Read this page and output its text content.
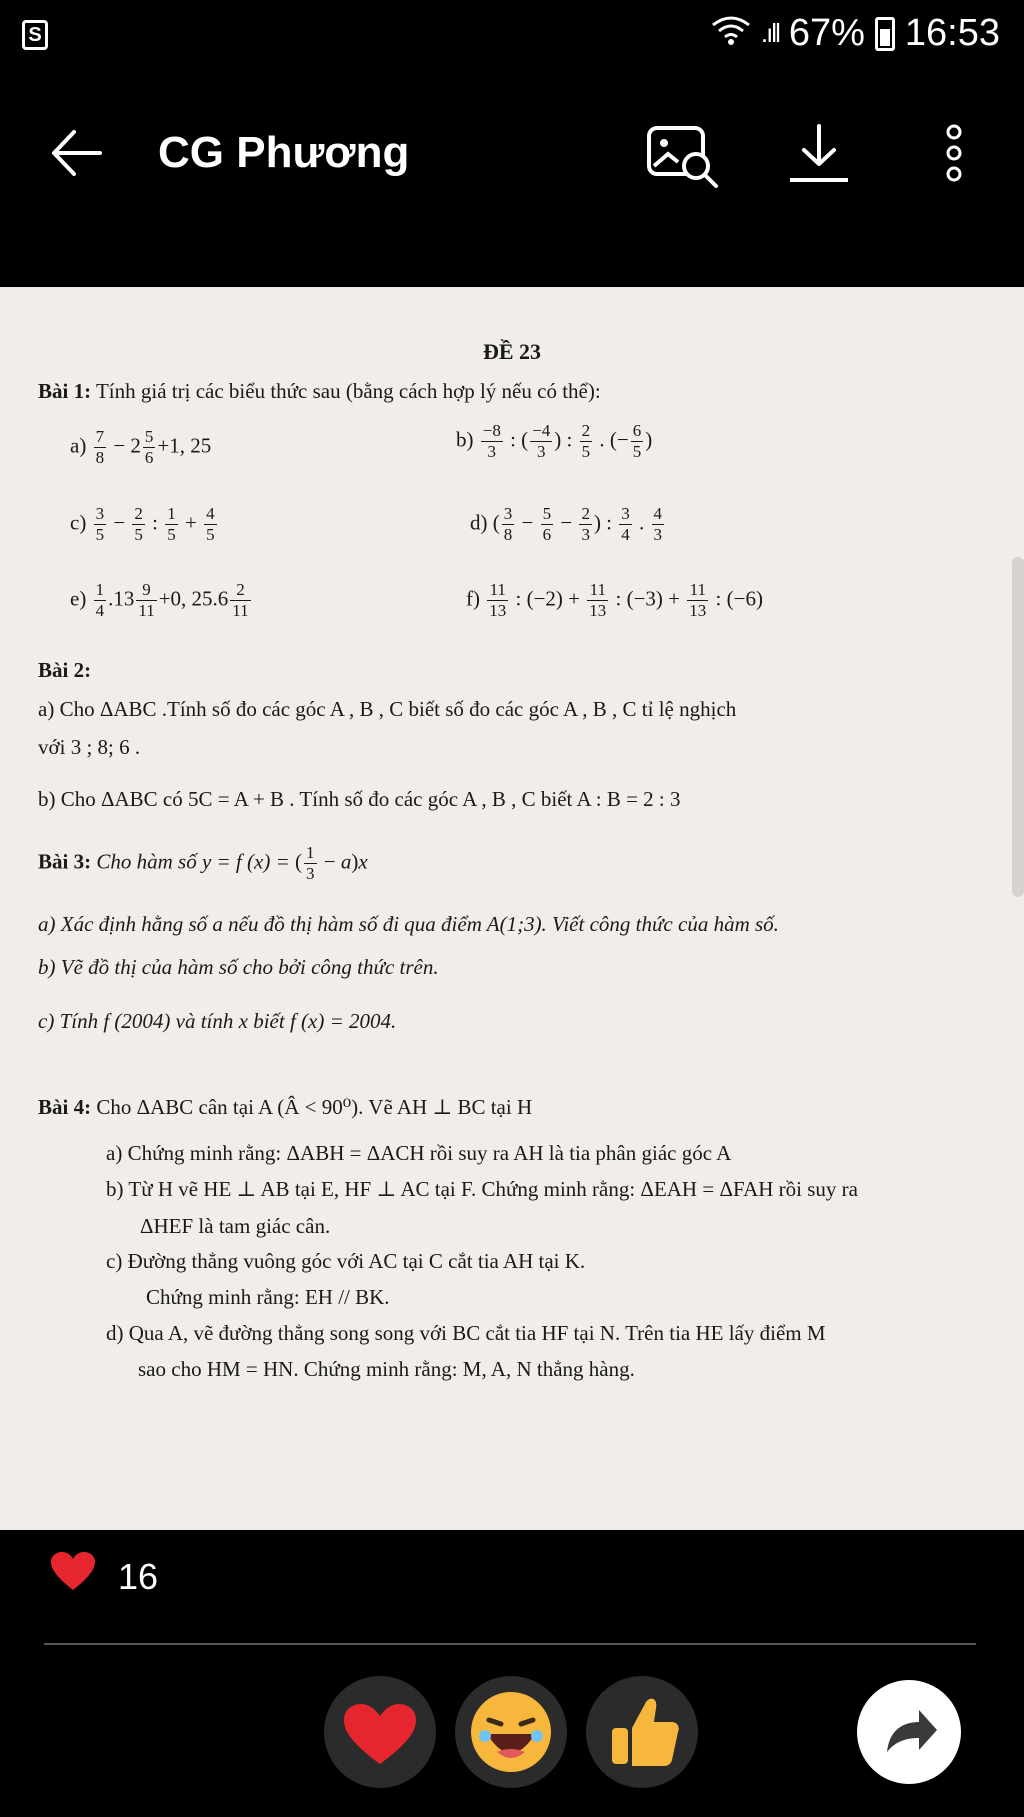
S	.ıll 67% 16:53
CG Phương
ĐỀ 23
Bài 1: Tính giá trị các biểu thức sau (bằng cách hợp lý nếu có thể):
$a) \frac{7}{8} - 2 \frac{5}{6} +1$, 25	$b) \frac{-8}{3}$ : ( $\frac{-4}{3}$ ) : $\frac{2}{5}$ . (− $\frac{6}{5}$ )
$c) \frac{3}{5} - \frac{2}{5}$ : $\frac{1}{5} + \frac{4}{5}$	d) ( $\frac{3}{8} - \frac{5}{6} - \frac{2}{3}$ ) : $\frac{3}{4}$ . $\frac{4}{3}$
$e) \frac{1}{4} .13 \frac{9}{11} +0$, $25.6 \frac{2}{11}$	$f) \frac{11}{13}$ : $(-2) + \frac{11}{13}$ : $(-3) + \frac{11}{13}$ : (−6)
Bài 2:
a) Cho ΔABC .Tính số đo các góc A , B , C biết số đo các góc A , B , C tỉ lệ nghịch
với 3 ; 8; 6 .
b) Cho ΔABC có 5C = A + B . Tính số đo các góc A , B , C biết A : B = 2 : 3
Bài 3: Cho hàm số y = f (x) = ( $\frac{1}{3} - a)x$
a) Xác định hằng số a nếu đồ thị hàm số đi qua điểm A(1;3). Viết công thức của hàm số.
b) Vẽ đồ thị của hàm số cho bởi công thức trên.
c) Tính f (2004) và tính x biết f (x) = 2004.
Bài 4: Cho ΔABC cân tại A (Â < 90⁰). Vẽ AH ⊥ BC tại H
a) Chứng minh rằng: ΔABH = ΔACH rồi suy ra AH là tia phân giác góc A
b) Từ H vẽ HE ⊥ AB tại E, HF ⊥ AC tại F. Chứng minh rằng: ΔEAH = ΔFAH rồi suy ra
ΔHEF là tam giác cân.
c) Đường thẳng vuông góc với AC tại C cắt tia AH tại K.
Chứng minh rằng: EH // BK.
d) Qua A, vẽ đường thẳng song song với BC cắt tia HF tại N. Trên tia HE lấy điểm M
sao cho HM = HN. Chứng minh rằng: M, A, N thẳng hàng.
16
